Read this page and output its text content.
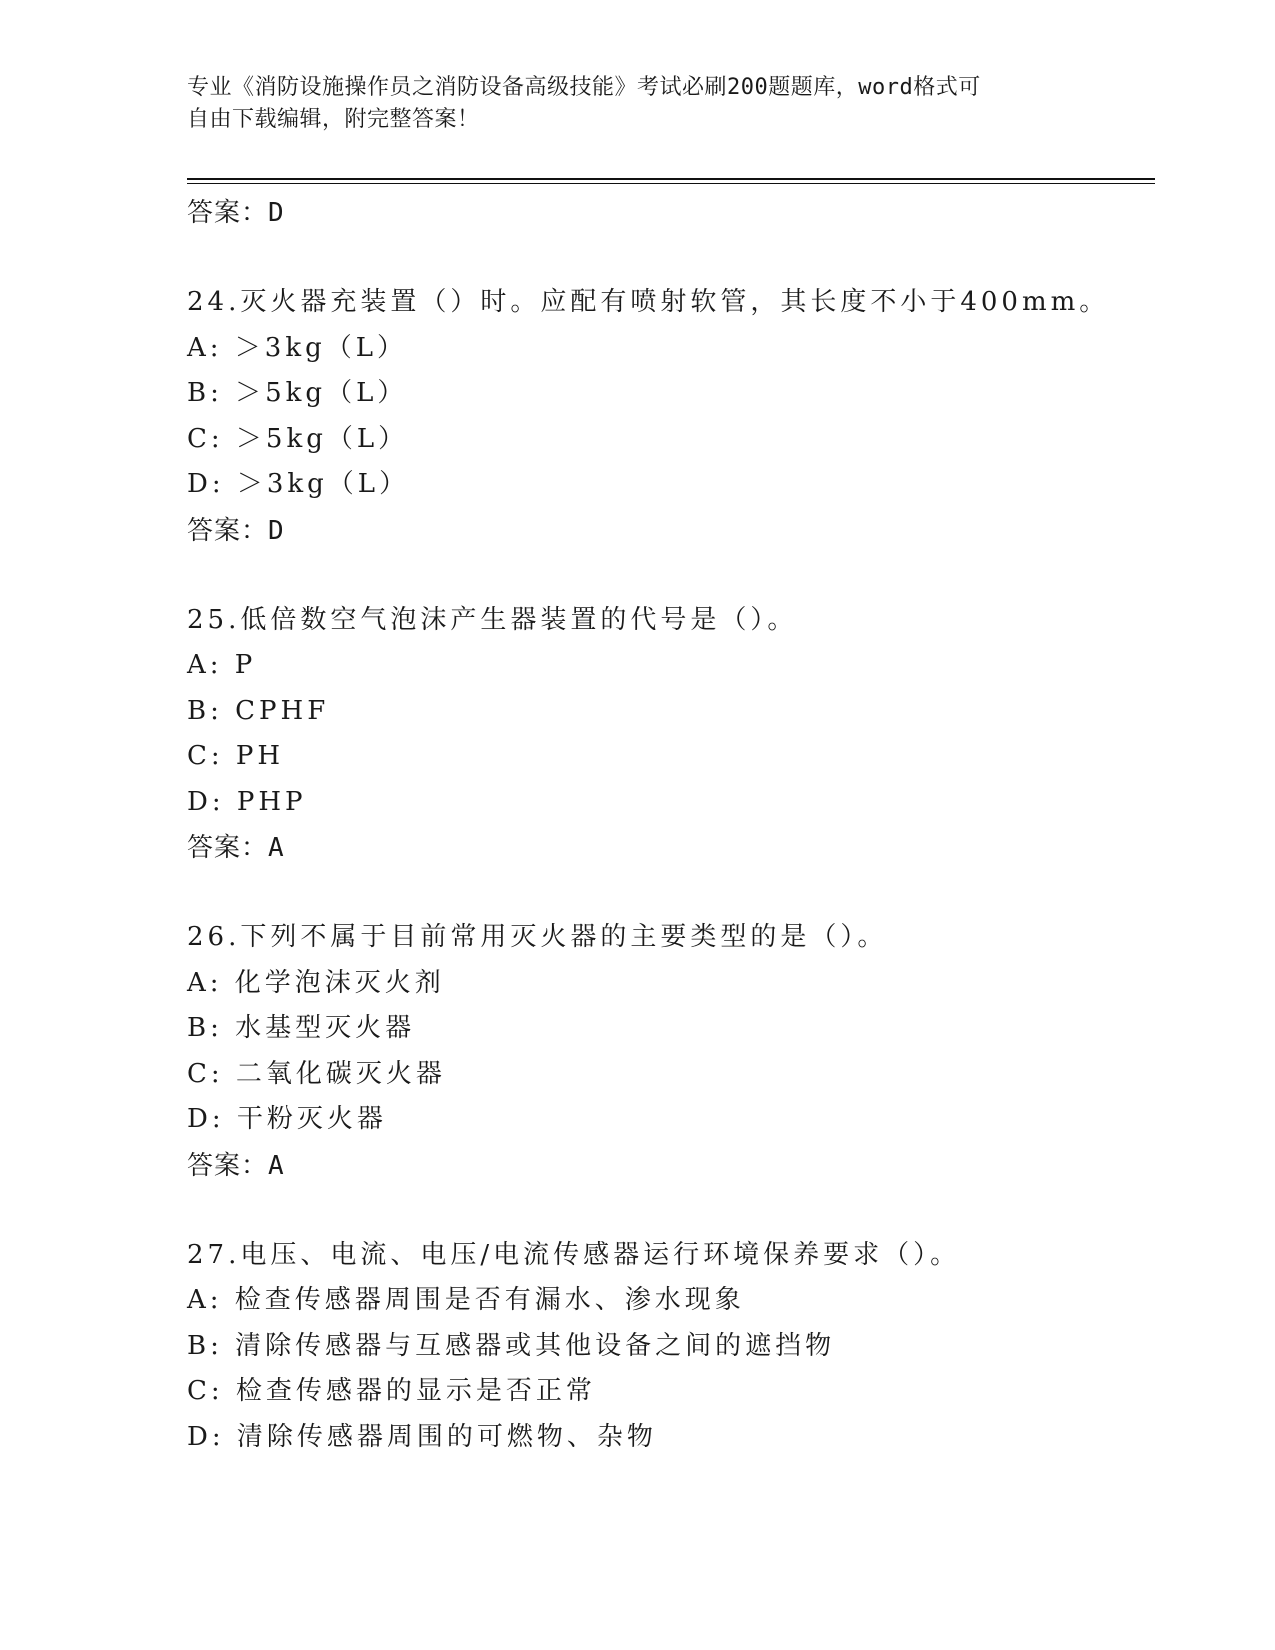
专业《消防设施操作员之消防设备高级技能》考试必刷200题题库，word格式可
自由下载编辑，附完整答案！
答案：D
24.灭火器充装置（）时。应配有喷射软管，其长度不小于400mm。
A: ＞3kg（L）
B: ＞5kg（L）
C: ＞5kg（L）
D: ＞3kg（L）
答案：D
25.低倍数空气泡沫产生器装置的代号是（）。
A: P
B: CPHF
C: PH
D: PHP
答案：A
26.下列不属于目前常用灭火器的主要类型的是（）。
A: 化学泡沫灭火剂
B: 水基型灭火器
C: 二氧化碳灭火器
D: 干粉灭火器
答案：A
27.电压、电流、电压/电流传感器运行环境保养要求（）。
A: 检查传感器周围是否有漏水、渗水现象
B: 清除传感器与互感器或其他设备之间的遮挡物
C: 检查传感器的显示是否正常
D: 清除传感器周围的可燃物、杂物
